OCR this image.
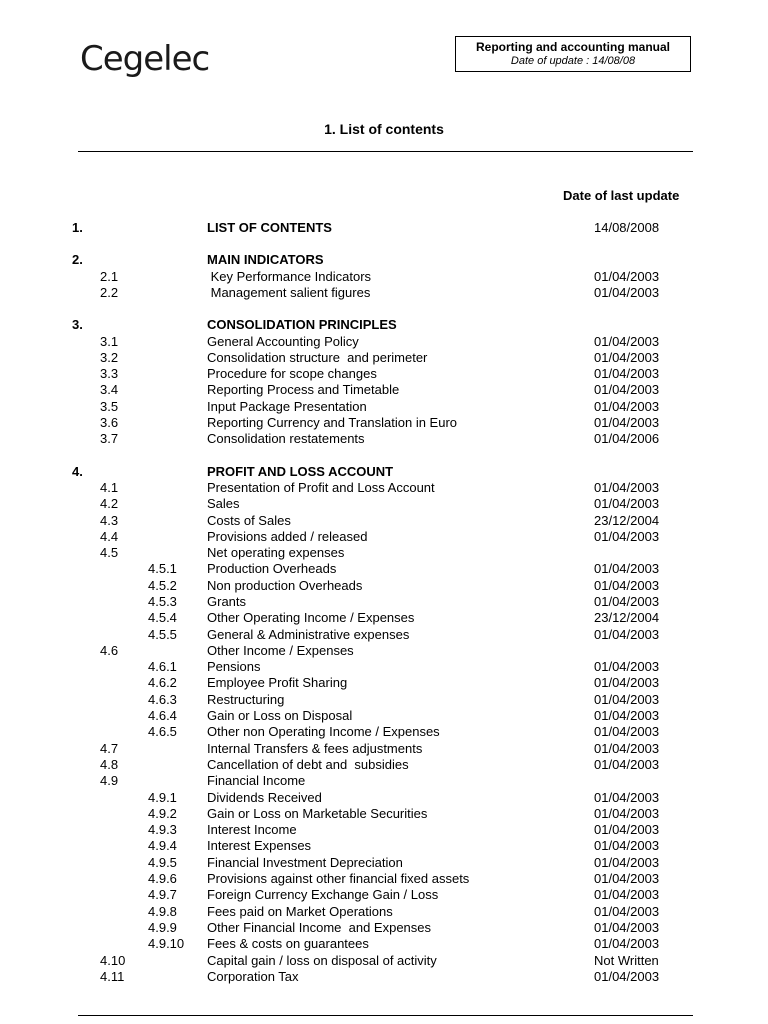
Cegelec	Reporting and accounting manual
Date of update : 14/08/08
1. List of contents
Date of last update
1.	LIST OF CONTENTS	14/08/2008
2.	MAIN INDICATORS
2.1	Key Performance Indicators	01/04/2003
2.2	Management salient figures	01/04/2003
3.	CONSOLIDATION PRINCIPLES
3.1	General Accounting Policy	01/04/2003
3.2	Consolidation structure  and perimeter	01/04/2003
3.3	Procedure for scope changes	01/04/2003
3.4	Reporting Process and Timetable	01/04/2003
3.5	Input Package Presentation	01/04/2003
3.6	Reporting Currency and Translation in Euro	01/04/2003
3.7	Consolidation restatements	01/04/2006
4.	PROFIT AND LOSS ACCOUNT
4.1	Presentation of Profit and Loss Account	01/04/2003
4.2	Sales	01/04/2003
4.3	Costs of Sales	23/12/2004
4.4	Provisions added / released	01/04/2003
4.5	Net operating expenses
4.5.1 Production Overheads	01/04/2003
4.5.2 Non production Overheads	01/04/2003
4.5.3 Grants	01/04/2003
4.5.4 Other Operating Income / Expenses	23/12/2004
4.5.5 General & Administrative expenses	01/04/2003
4.6	Other Income / Expenses
4.6.1 Pensions	01/04/2003
4.6.2 Employee Profit Sharing	01/04/2003
4.6.3 Restructuring	01/04/2003
4.6.4 Gain or Loss on Disposal	01/04/2003
4.6.5 Other non Operating Income / Expenses	01/04/2003
4.7	Internal Transfers & fees adjustments	01/04/2003
4.8	Cancellation of debt and  subsidies	01/04/2003
4.9	Financial Income
4.9.1 Dividends Received	01/04/2003
4.9.2 Gain or Loss on Marketable Securities	01/04/2003
4.9.3 Interest Income	01/04/2003
4.9.4 Interest Expenses	01/04/2003
4.9.5 Financial Investment Depreciation	01/04/2003
4.9.6 Provisions against other financial fixed assets	01/04/2003
4.9.7 Foreign Currency Exchange Gain / Loss	01/04/2003
4.9.8 Fees paid on Market Operations	01/04/2003
4.9.9 Other Financial Income  and Expenses	01/04/2003
4.9.10 Fees & costs on guarantees	01/04/2003
4.10	Capital gain / loss on disposal of activity	Not Written
4.11	Corporation Tax	01/04/2003
